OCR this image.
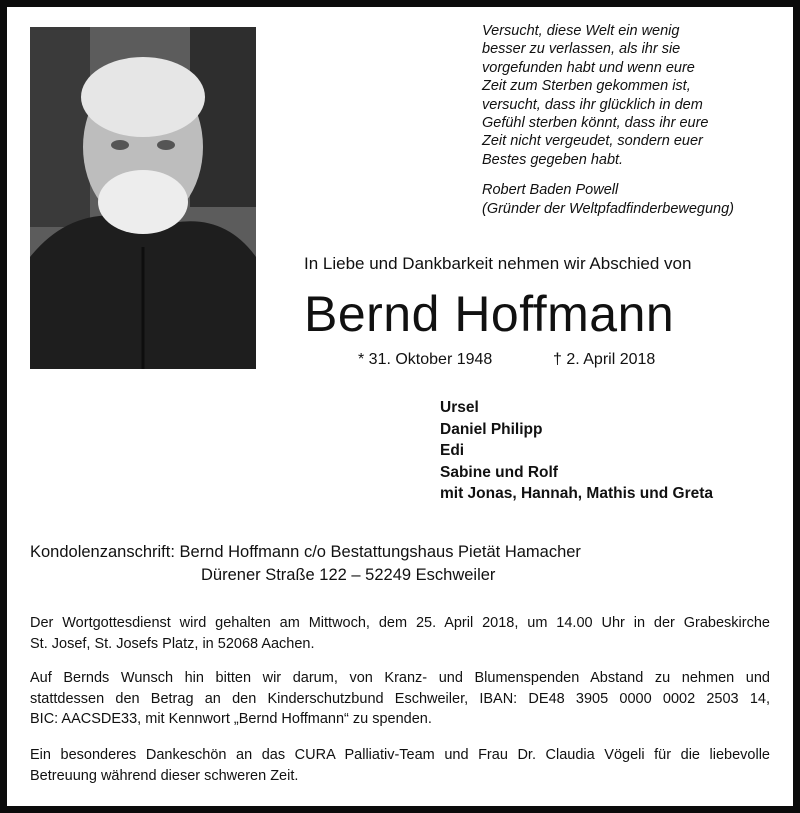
Versucht, diese Welt ein wenig
besser zu verlassen, als ihr sie
vorgefunden habt und wenn eure
Zeit zum Sterben gekommen ist,
versucht, dass ihr glücklich in dem
Gefühl sterben könnt, dass ihr eure
Zeit nicht vergeudet, sondern euer
Bestes gegeben habt.
Robert Baden Powell
(Gründer der Weltpfadfinderbewegung)
In Liebe und Dankbarkeit nehmen wir Abschied von
Bernd Hoffmann
* 31. Oktober 1948	† 2. April 2018
Ursel
Daniel Philipp
Edi
Sabine und Rolf
mit Jonas, Hannah, Mathis und Greta
Kondolenzanschrift: Bernd Hoffmann c/o Bestattungshaus Pietät Hamacher
Dürener Straße 122 – 52249 Eschweiler
Der Wortgottesdienst wird gehalten am Mittwoch, dem 25. April 2018, um 14.00 Uhr in der Grabeskirche
St. Josef, St. Josefs Platz, in 52068 Aachen.
Auf Bernds Wunsch hin bitten wir darum, von Kranz- und Blumenspenden Abstand zu nehmen und
stattdessen den Betrag an den Kinderschutzbund Eschweiler, IBAN: DE48 3905 0000 0002 2503 14,
BIC: AACSDE33, mit Kennwort „Bernd Hoffmann“ zu spenden.
Ein besonderes Dankeschön an das CURA Palliativ-Team und Frau Dr. Claudia Vögeli für die liebevolle
Betreuung während dieser schweren Zeit.
